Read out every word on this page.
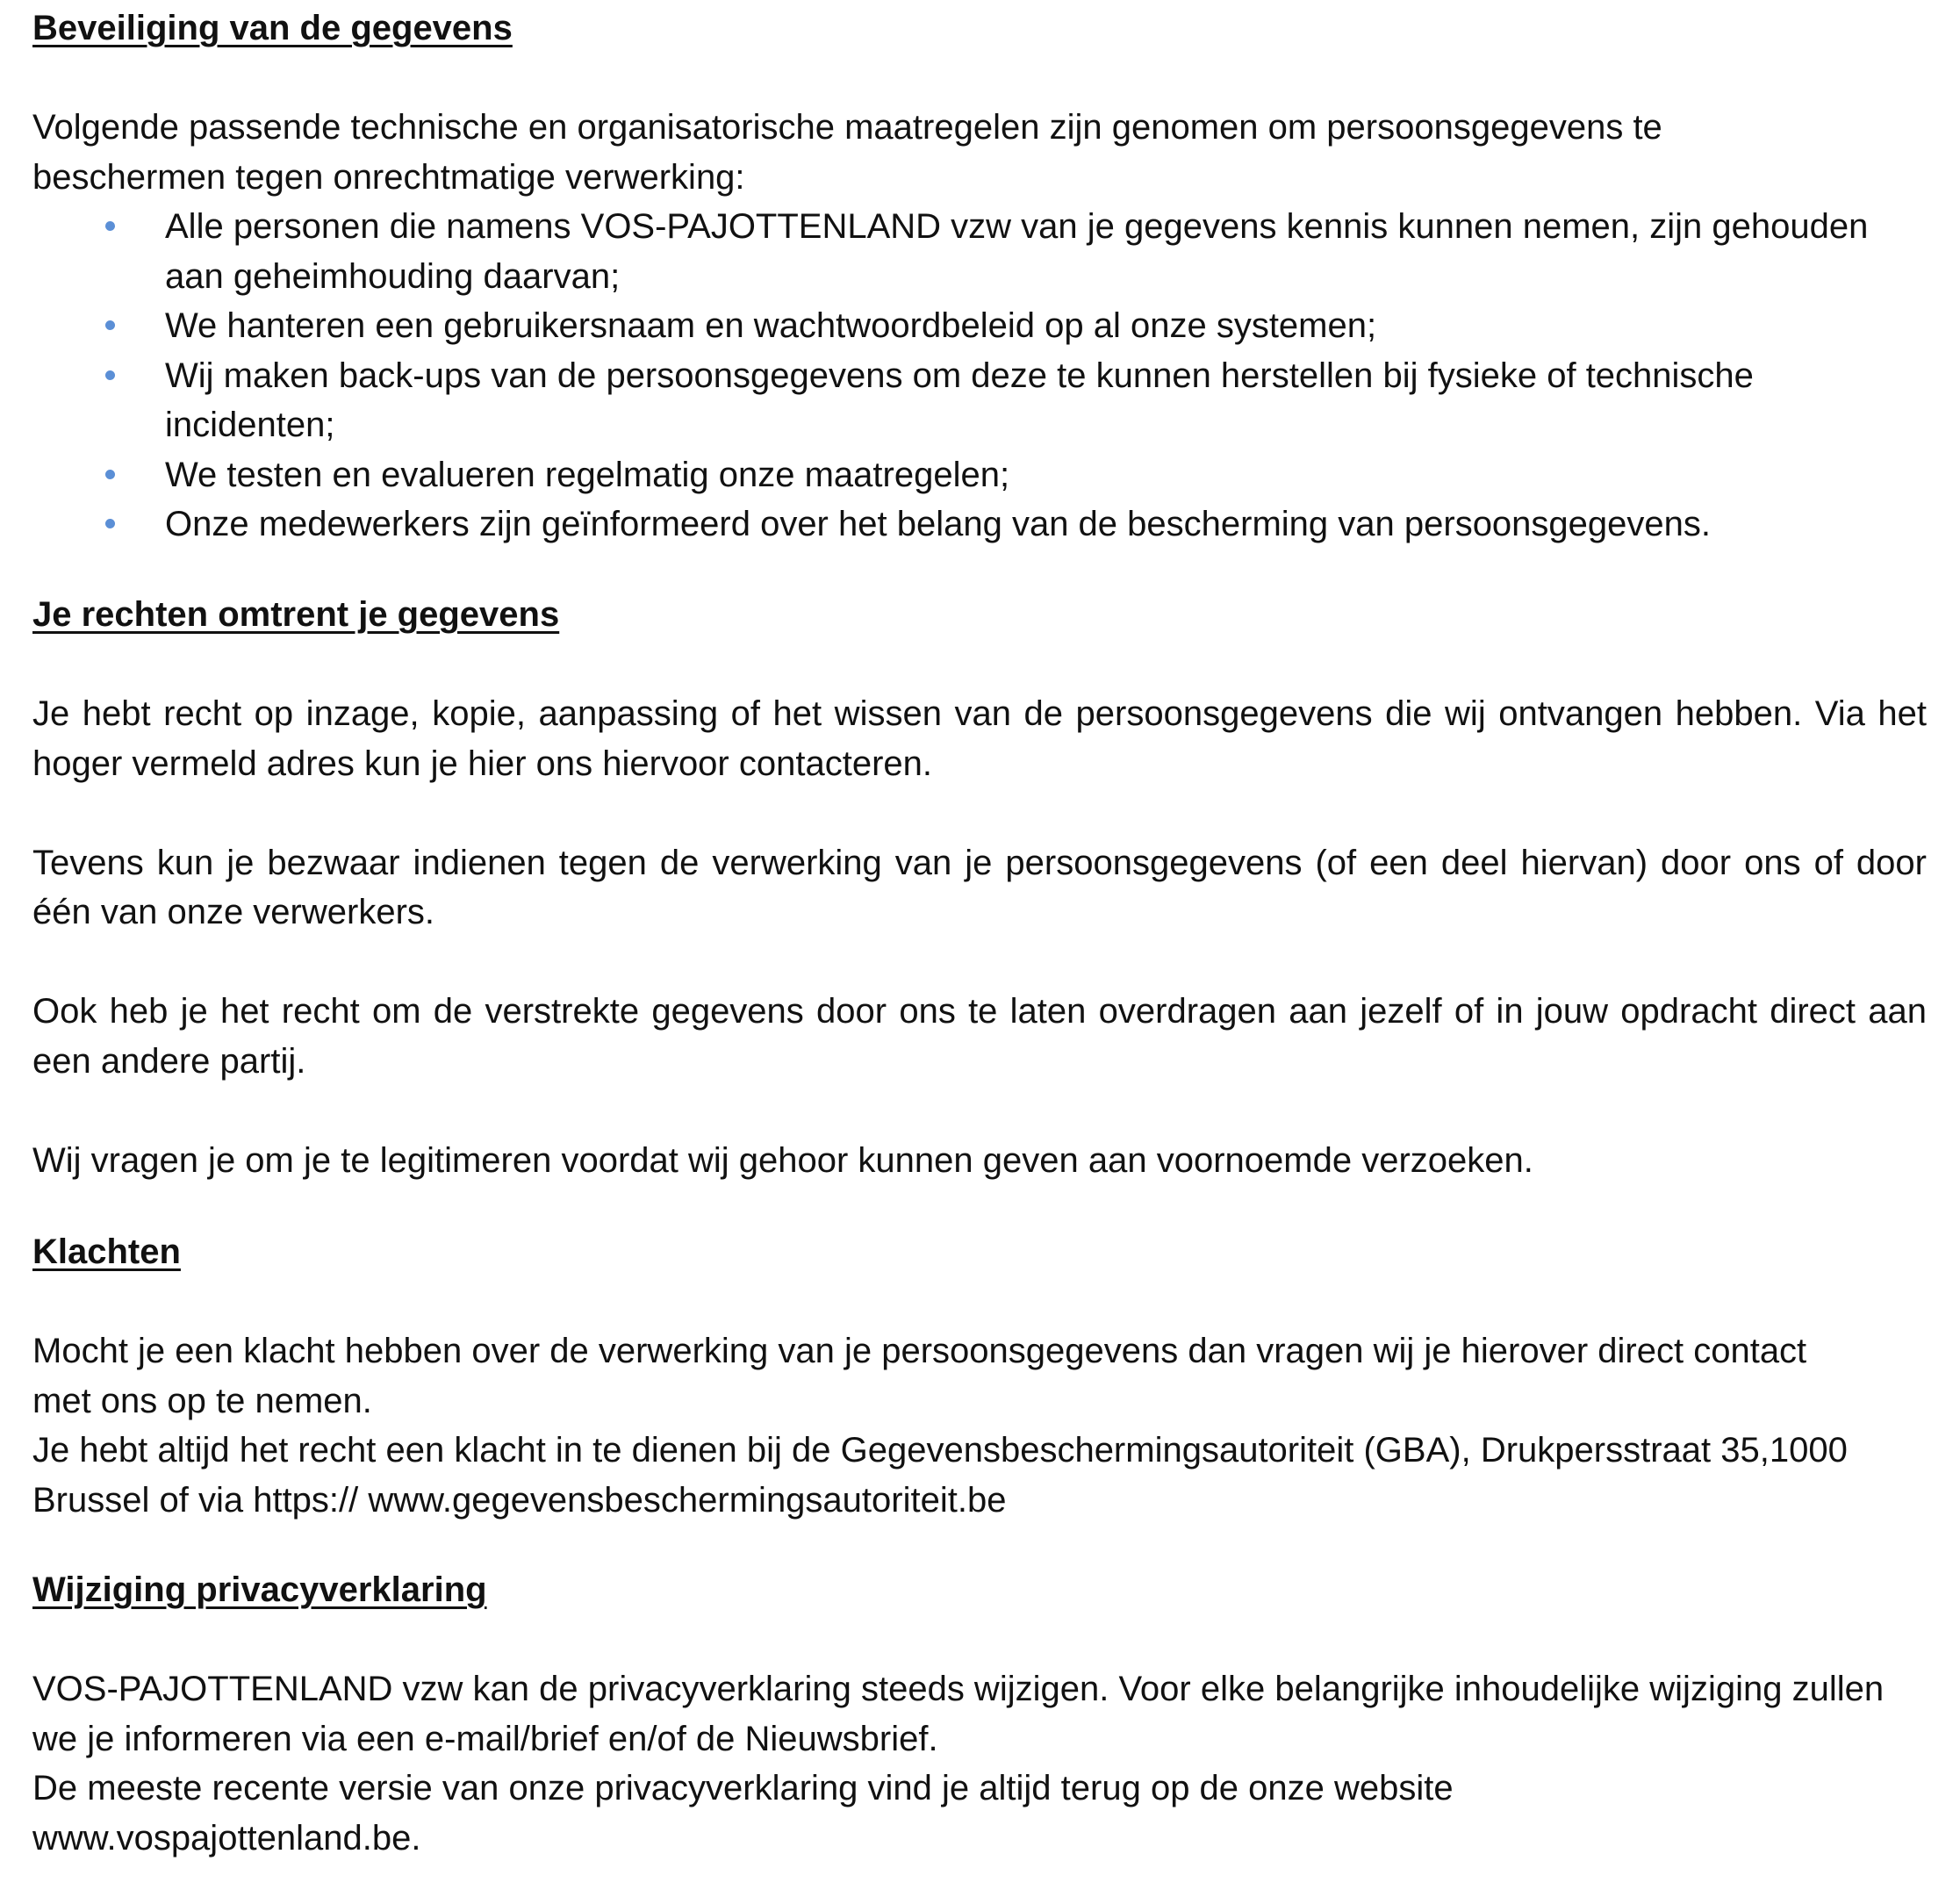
Beveiliging van de gegevens

Volgende passende technische en organisatorische maatregelen zijn genomen om persoonsgegevens te beschermen tegen onrechtmatige verwerking:

Alle personen die namens VOS-PAJOTTENLAND vzw van je gegevens kennis kunnen nemen, zijn gehouden aan geheimhouding daarvan;
We hanteren een gebruikersnaam en wachtwoordbeleid op al onze systemen;
Wij maken back-ups van de persoonsgegevens om deze te kunnen herstellen bij fysieke of technische incidenten;
We testen en evalueren regelmatig onze maatregelen;
Onze medewerkers zijn geïnformeerd over het belang van de bescherming van persoonsgegevens.

Je rechten omtrent je gegevens

Je hebt recht op inzage, kopie, aanpassing of het wissen van de persoonsgegevens die wij ontvangen hebben. Via het hoger vermeld adres kun je hier ons hiervoor contacteren.

Tevens kun je bezwaar indienen tegen de verwerking van je persoonsgegevens (of een deel hiervan) door ons of door één van onze verwerkers.

Ook heb je het recht om de verstrekte gegevens door ons te laten overdragen aan jezelf of in jouw opdracht direct aan een andere partij.

Wij vragen je om je te legitimeren voordat wij gehoor kunnen geven aan voornoemde verzoeken.

Klachten

Mocht je een klacht hebben over de verwerking van je persoonsgegevens dan vragen wij je hierover direct contact met ons op te nemen.

Je hebt altijd het recht een klacht in te dienen bij de Gegevensbeschermingsautoriteit (GBA), Drukpersstraat 35,1000 Brussel of via https:// www.gegevensbeschermingsautoriteit.be

Wijziging privacyverklaring

VOS-PAJOTTENLAND vzw kan de privacyverklaring steeds wijzigen. Voor elke belangrijke inhoudelijke wijziging zullen we je informeren via een e-mail/brief en/of de Nieuwsbrief.

De meeste recente versie van onze privacyverklaring vind je altijd terug op de onze website www.vospajottenland.be.
